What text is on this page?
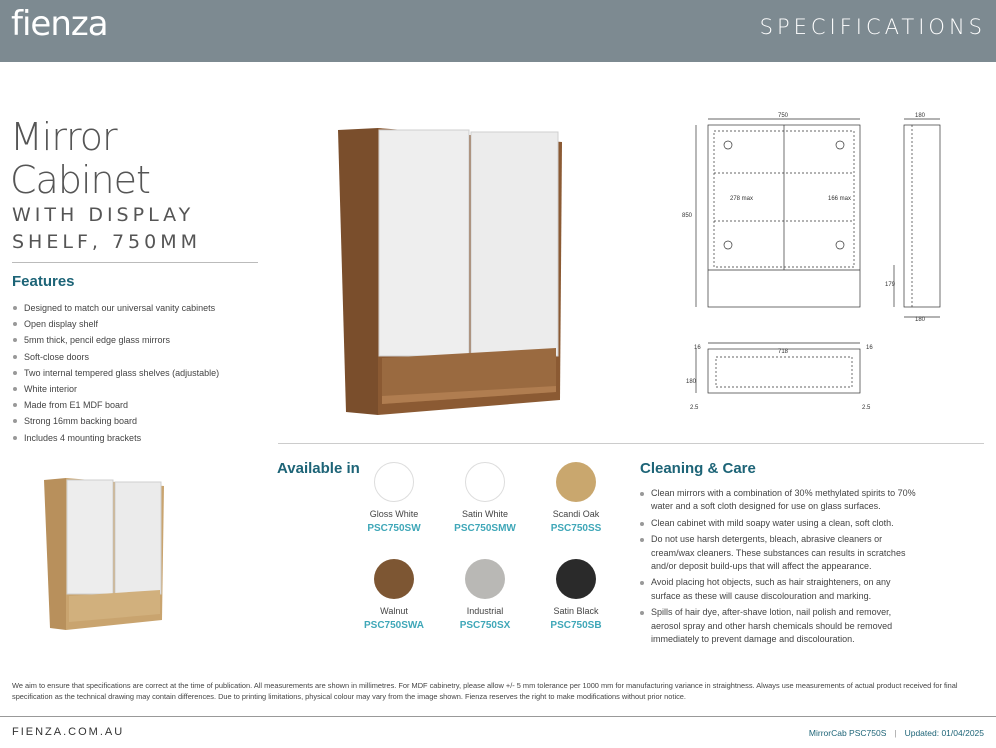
fienza	SPECIFICATIONS
Mirror
Cabinet
WITH DISPLAY
SHELF, 750MM
Features
Designed to match our universal vanity cabinets
Open display shelf
5mm thick, pencil edge glass mirrors
Soft-close doors
Two internal tempered glass shelves (adjustable)
White interior
Made from E1 MDF board
Strong 16mm backing board
Includes 4 mounting brackets
750	180
850
278 max	166 max
179
180
16
718
16
180
2.5	2.5
Available in
Gloss White
PSC750SW
Satin White
PSC750SMW
Scandi Oak
PSC750SS
Walnut
PSC750SWA
Industrial
PSC750SX
Satin Black
PSC750SB
Cleaning & Care
Clean mirrors with a combination of 30% methylated spirits to 70% water and a soft cloth designed for use on glass surfaces.
Clean cabinet with mild soapy water using a clean, soft cloth.
Do not use harsh detergents, bleach, abrasive cleaners or cream/wax cleaners. These substances can results in scratches and/or deposit build-ups that will affect the appearance.
Avoid placing hot objects, such as hair straighteners, on any surface as these will cause discolouration and marking.
Spills of hair dye, after-shave lotion, nail polish and remover, aerosol spray and other harsh chemicals should be removed immediately to prevent damage and discolouration.
We aim to ensure that specifications are correct at the time of publication. All measurements are shown in millimetres. For MDF cabinetry, please allow +/- 5 mm tolerance per 1000 mm for manufacturing variance in straightness. Always use measurements of actual product received for final specification as the technical drawing may contain differences. Due to printing limitations, physical colour may vary from the image shown. Fienza reserves the right to make modifications without prior notice.
FIENZA.COM.AU	MirrorCab PSC750S | Updated: 01/04/2025
